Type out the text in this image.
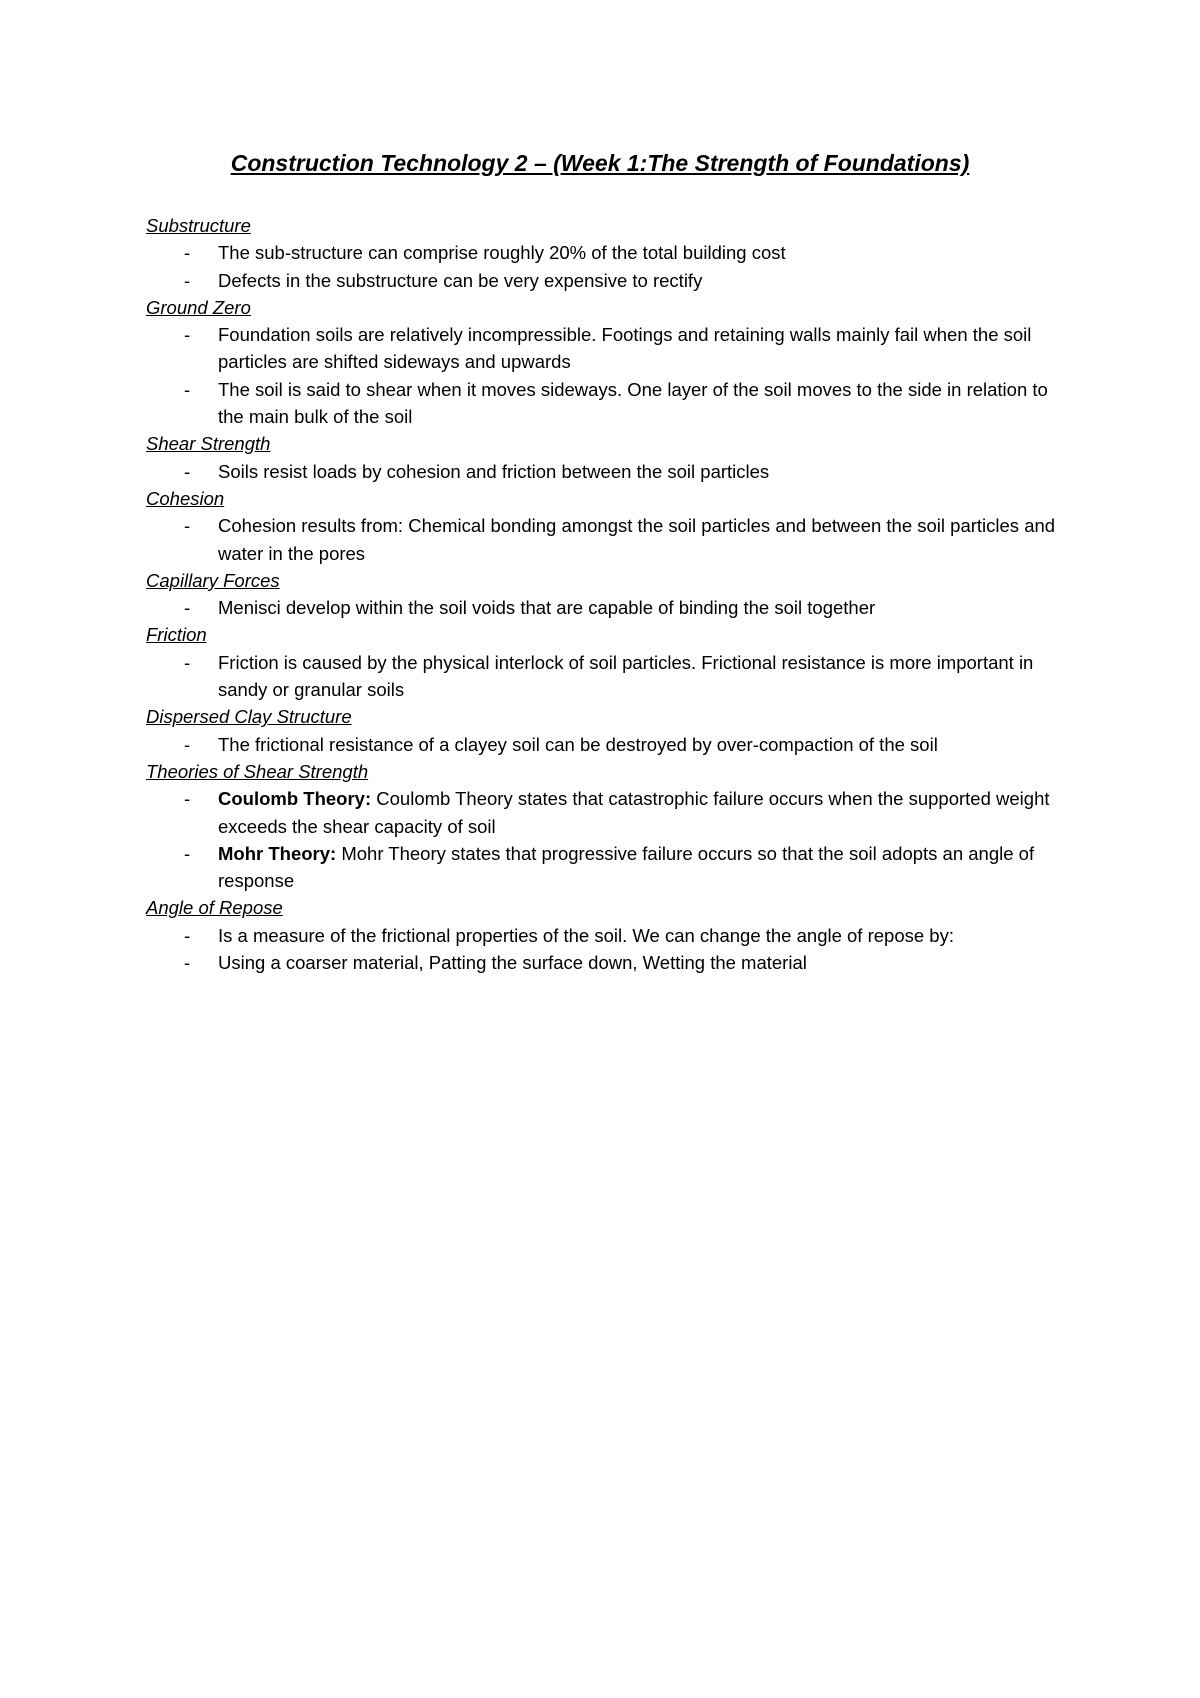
Construction Technology 2 – (Week 1:The Strength of Foundations)
Substructure
-	The sub-structure can comprise roughly 20% of the total building cost
-	Defects in the substructure can be very expensive to rectify
Ground Zero
-	Foundation soils are relatively incompressible. Footings and retaining walls mainly fail when the soil particles are shifted sideways and upwards
-	The soil is said to shear when it moves sideways. One layer of the soil moves to the side in relation to the main bulk of the soil
Shear Strength
-	Soils resist loads by cohesion and friction between the soil particles
Cohesion
-	Cohesion results from: Chemical bonding amongst the soil particles and between the soil particles and water in the pores
Capillary Forces
-	Menisci develop within the soil voids that are capable of binding the soil together
Friction
-	Friction is caused by the physical interlock of soil particles. Frictional resistance is more important in sandy or granular soils
Dispersed Clay Structure
-	The frictional resistance of a clayey soil can be destroyed by over-compaction of the soil
Theories of Shear Strength
-	Coulomb Theory: Coulomb Theory states that catastrophic failure occurs when the supported weight exceeds the shear capacity of soil
-	Mohr Theory: Mohr Theory states that progressive failure occurs so that the soil adopts an angle of response
Angle of Repose
-	Is a measure of the frictional properties of the soil. We can change the angle of repose by:
-	Using a coarser material, Patting the surface down, Wetting the material
